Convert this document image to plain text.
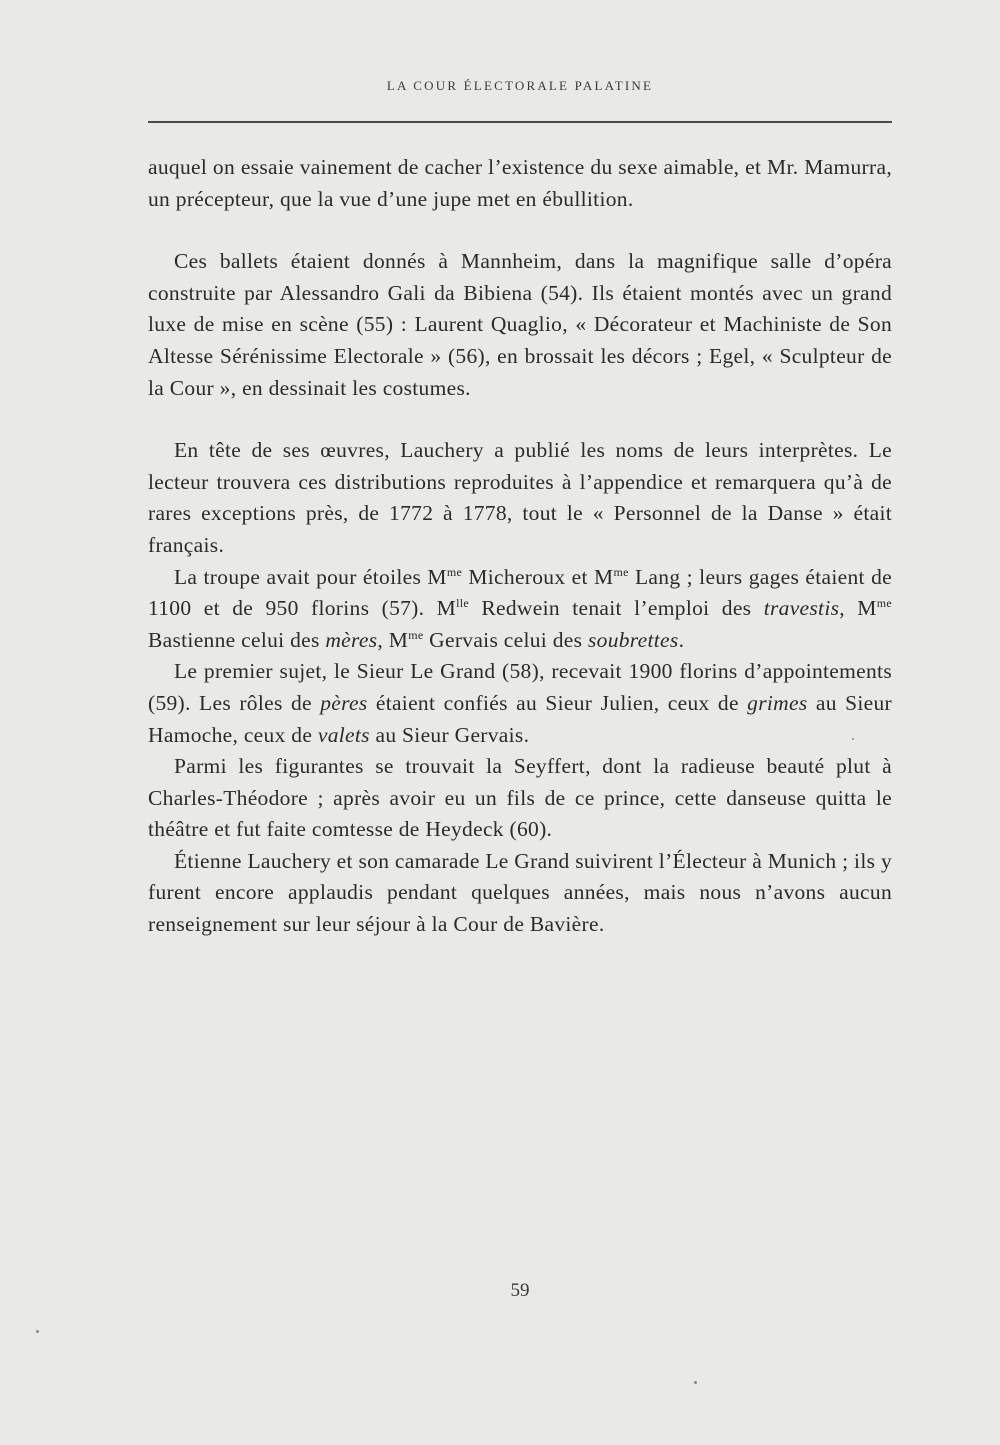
LA COUR ÉLECTORALE PALATINE

auquel on essaie vainement de cacher l’existence du sexe aimable, et Mr. Mamurra, un précepteur, que la vue d’une jupe met en ébullition.

Ces ballets étaient donnés à Mannheim, dans la magnifique salle d’opéra construite par Alessandro Gali da Bibiena (54). Ils étaient montés avec un grand luxe de mise en scène (55) : Laurent Quaglio, « Décorateur et Machiniste de Son Altesse Sérénissime Electorale » (56), en brossait les décors ; Egel, « Sculpteur de la Cour », en dessinait les costumes.

En tête de ses œuvres, Lauchery a publié les noms de leurs interprètes. Le lecteur trouvera ces distributions reproduites à l’appendice et remarquera qu’à de rares exceptions près, de 1772 à 1778, tout le « Personnel de la Danse » était français.

La troupe avait pour étoiles $M^{me}$ Micheroux et $M^{me}$ Lang ; leurs gages étaient de 1100 et de 950 florins (57). $M^{lle}$ Redwein tenait l’emploi des travestis, $M^{me}$ Bastienne celui des mères, $M^{me}$ Gervais celui des soubrettes.

Le premier sujet, le Sieur Le Grand (58), recevait 1900 florins d’appointements (59). Les rôles de pères étaient confiés au Sieur Julien, ceux de grimes au Sieur Hamoche, ceux de valets au Sieur Gervais.

Parmi les figurantes se trouvait la Seyffert, dont la radieuse beauté plut à Charles-Théodore ; après avoir eu un fils de ce prince, cette danseuse quitta le théâtre et fut faite comtesse de Heydeck (60).

Étienne Lauchery et son camarade Le Grand suivirent l’Électeur à Munich ; ils y furent encore applaudis pendant quelques années, mais nous n’avons aucun renseignement sur leur séjour à la Cour de Bavière.

59
